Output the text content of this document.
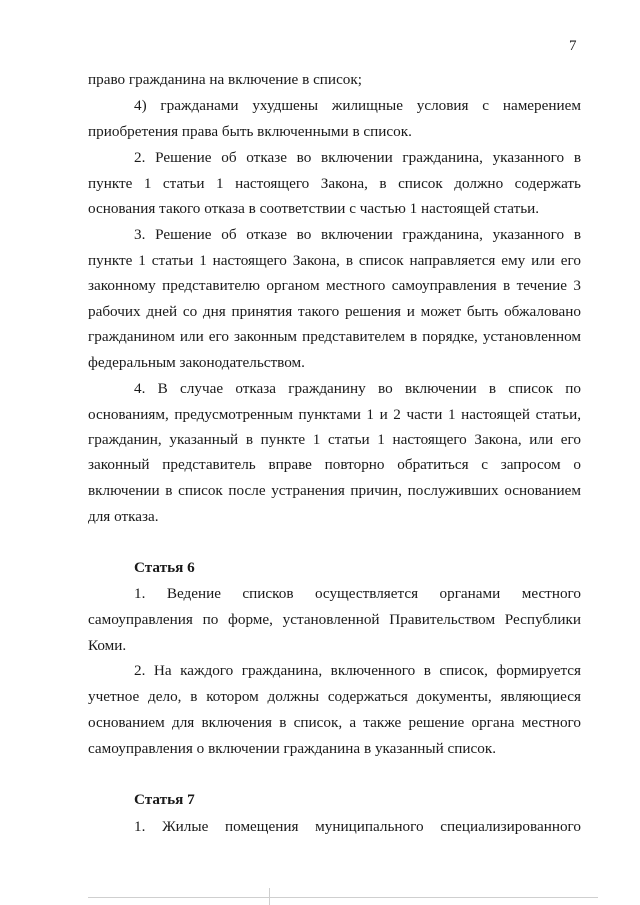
7
право гражданина на включение в список;
4) гражданами ухудшены жилищные условия с намерением
приобретения права быть включенными в список.
2. Решение об отказе во включении гражданина, указанного в
пункте 1 статьи 1 настоящего Закона, в список должно содержать
основания такого отказа в соответствии с частью 1 настоящей статьи.
3. Решение об отказе во включении гражданина, указанного в
пункте 1 статьи 1 настоящего Закона, в список направляется ему или его
законному представителю органом местного самоуправления в течение 3
рабочих дней со дня принятия такого решения и может быть обжаловано
гражданином или его законным представителем в порядке, установленном
федеральным законодательством.
4. В случае отказа гражданину во включении в список по
основаниям, предусмотренным пунктами 1 и 2 части 1 настоящей статьи,
гражданин, указанный в пункте 1 статьи 1 настоящего Закона, или его
законный представитель вправе повторно обратиться с запросом о
включении в список после устранения причин, послуживших основанием
для отказа.
Статья 6
1. Ведение списков осуществляется органами местного
самоуправления по форме, установленной Правительством Республики
Коми.
2. На каждого гражданина, включенного в список, формируется
учетное дело, в котором должны содержаться документы, являющиеся
основанием для включения в список, а также решение органа местного
самоуправления о включении гражданина в указанный список.
Статья 7
1. Жилые помещения муниципального специализированного
